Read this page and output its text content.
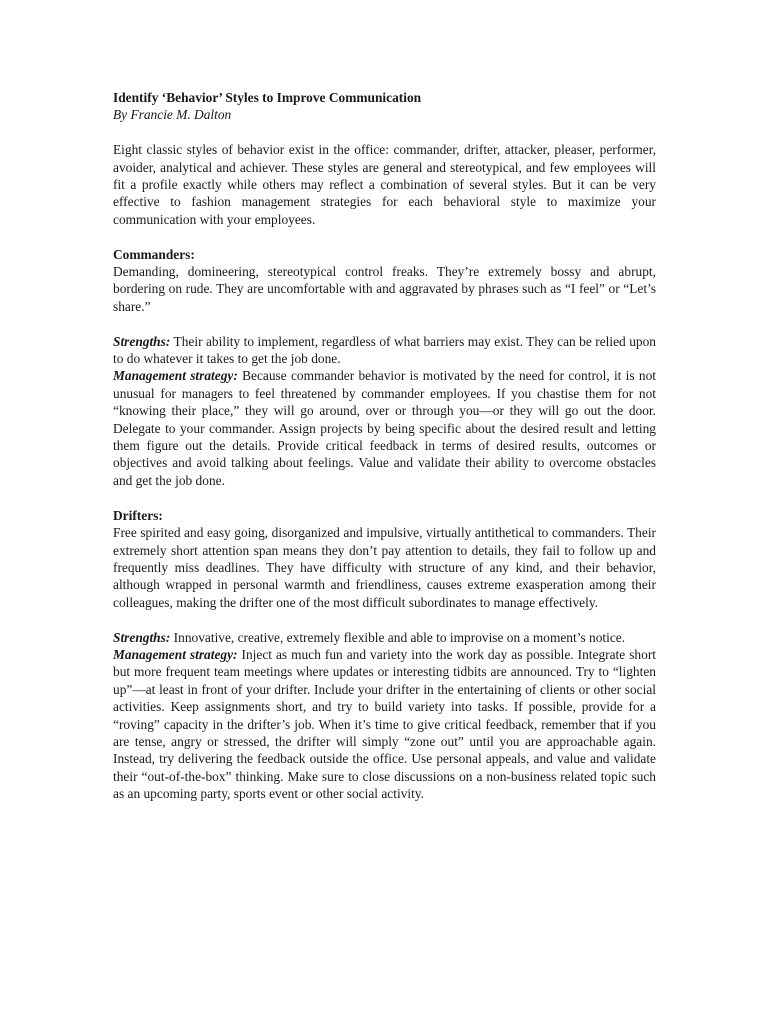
Identify ‘Behavior’ Styles to Improve Communication

By Francie M. Dalton

Eight classic styles of behavior exist in the office: commander, drifter, attacker, pleaser, performer, avoider, analytical and achiever. These styles are general and stereotypical, and few employees will fit a profile exactly while others may reflect a combination of several styles. But it can be very effective to fashion management strategies for each behavioral style to maximize your communication with your employees.

Commanders:

Demanding, domineering, stereotypical control freaks. They’re extremely bossy and abrupt, bordering on rude. They are uncomfortable with and aggravated by phrases such as “I feel” or “Let’s share.”

Strengths: Their ability to implement, regardless of what barriers may exist. They can be relied upon to do whatever it takes to get the job done.

Management strategy: Because commander behavior is motivated by the need for control, it is not unusual for managers to feel threatened by commander employees. If you chastise them for not “knowing their place,” they will go around, over or through you—or they will go out the door. Delegate to your commander. Assign projects by being specific about the desired result and letting them figure out the details. Provide critical feedback in terms of desired results, outcomes or objectives and avoid talking about feelings. Value and validate their ability to overcome obstacles and get the job done.

Drifters:

Free spirited and easy going, disorganized and impulsive, virtually antithetical to commanders. Their extremely short attention span means they don’t pay attention to details, they fail to follow up and frequently miss deadlines. They have difficulty with structure of any kind, and their behavior, although wrapped in personal warmth and friendliness, causes extreme exasperation among their colleagues, making the drifter one of the most difficult subordinates to manage effectively.

Strengths: Innovative, creative, extremely flexible and able to improvise on a moment’s notice.

Management strategy: Inject as much fun and variety into the work day as possible. Integrate short but more frequent team meetings where updates or interesting tidbits are announced. Try to “lighten up”—at least in front of your drifter. Include your drifter in the entertaining of clients or other social activities. Keep assignments short, and try to build variety into tasks. If possible, provide for a “roving” capacity in the drifter’s job. When it’s time to give critical feedback, remember that if you are tense, angry or stressed, the drifter will simply “zone out” until you are approachable again. Instead, try delivering the feedback outside the office. Use personal appeals, and value and validate their “out-of-the-box” thinking. Make sure to close discussions on a non-business related topic such as an upcoming party, sports event or other social activity.
